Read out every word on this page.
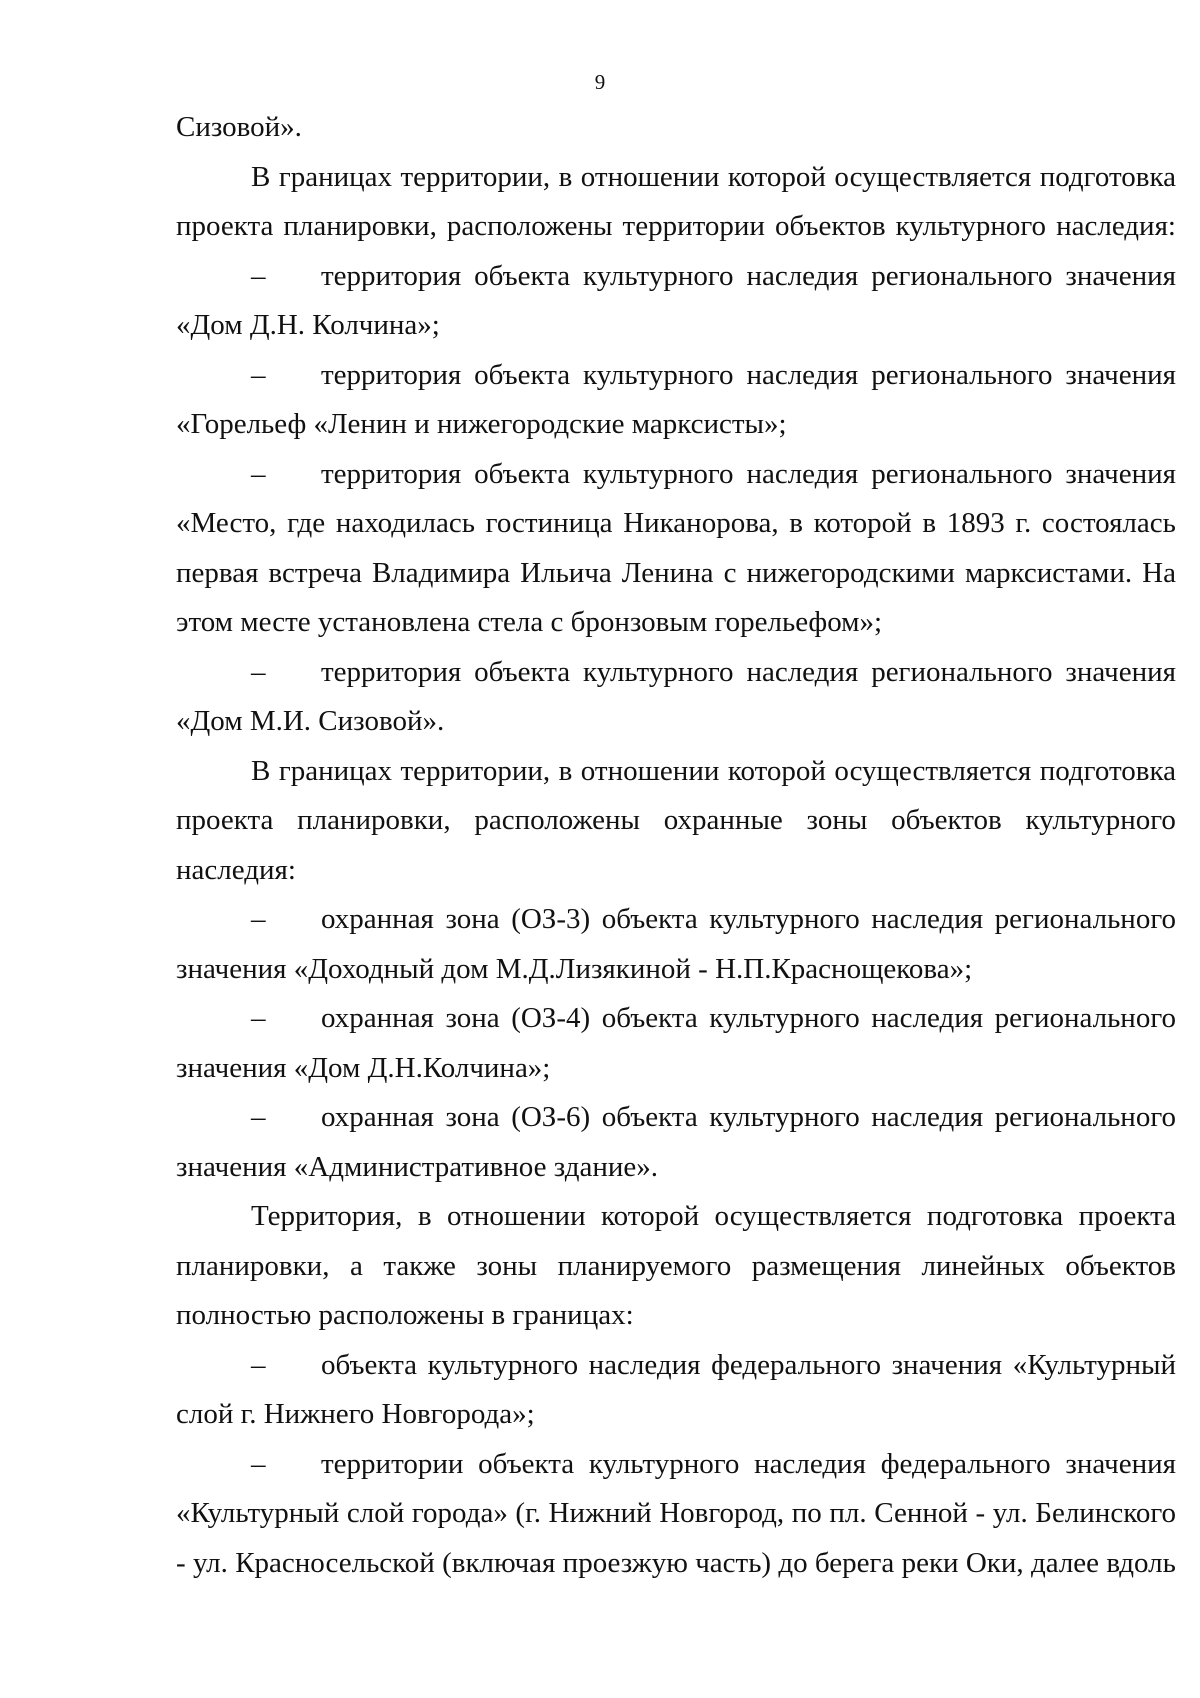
9
Сизовой».
В границах территории, в отношении которой осуществляется подготовка
проекта планировки, расположены территории объектов культурного наследия:
–	территория объекта культурного наследия регионального значения
«Дом Д.Н. Колчина»;
–	территория объекта культурного наследия регионального значения
«Горельеф «Ленин и нижегородские марксисты»;
–	территория объекта культурного наследия регионального значения
«Место, где находилась гостиница Никанорова, в которой в 1893 г. состоялась
первая встреча Владимира Ильича Ленина с нижегородскими марксистами. На
этом месте установлена стела с бронзовым горельефом»;
–	территория объекта культурного наследия регионального значения
«Дом М.И. Сизовой».
В границах территории, в отношении которой осуществляется подготовка
проекта планировки, расположены охранные зоны объектов культурного
наследия:
–	охранная зона (ОЗ-3) объекта культурного наследия регионального
значения «Доходный дом М.Д.Лизякиной - Н.П.Краснощекова»;
–	охранная зона (ОЗ-4) объекта культурного наследия регионального
значения «Дом Д.Н.Колчина»;
–	охранная зона (ОЗ-6) объекта культурного наследия регионального
значения «Административное здание».
Территория, в отношении которой осуществляется подготовка проекта
планировки, а также зоны планируемого размещения линейных объектов
полностью расположены в границах:
–	объекта культурного наследия федерального значения «Культурный
слой г. Нижнего Новгорода»;
–	территории объекта культурного наследия федерального значения
«Культурный слой города» (г. Нижний Новгород, по пл. Сенной - ул. Белинского
- ул. Красносельской (включая проезжую часть) до берега реки Оки, далее вдоль
